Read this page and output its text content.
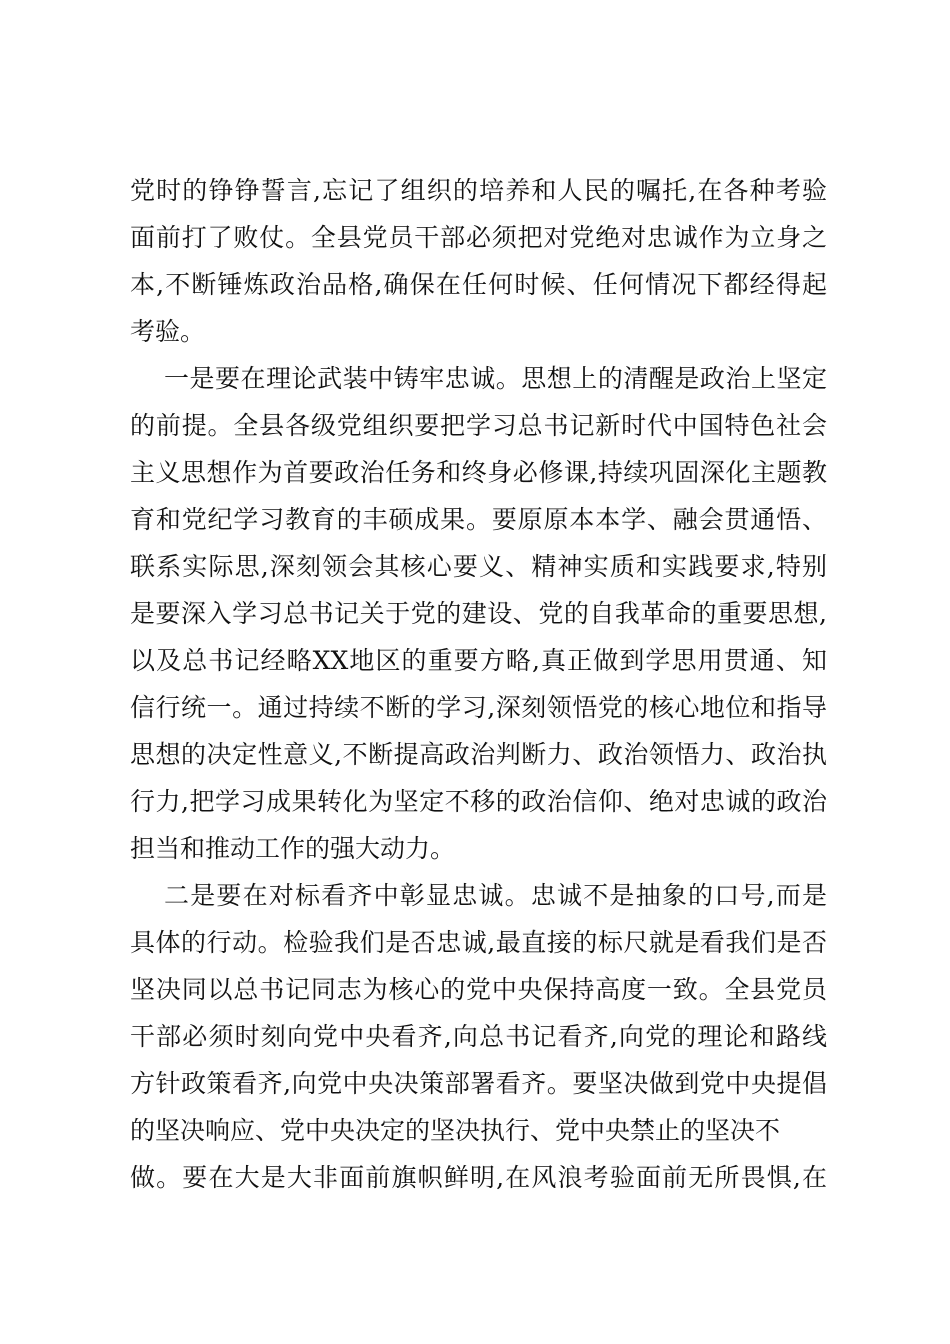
党时的铮铮誓言,忘记了组织的培养和人民的嘱托,在各种考验
面前打了败仗。全县党员干部必须把对党绝对忠诚作为立身之
本,不断锤炼政治品格,确保在任何时候、任何情况下都经得起
考验。
一是要在理论武装中铸牢忠诚。思想上的清醒是政治上坚定
的前提。全县各级党组织要把学习总书记新时代中国特色社会
主义思想作为首要政治任务和终身必修课,持续巩固深化主题教
育和党纪学习教育的丰硕成果。要原原本本学、融会贯通悟、
联系实际思,深刻领会其核心要义、精神实质和实践要求,特别
是要深入学习总书记关于党的建设、党的自我革命的重要思想,
以及总书记经略XX地区的重要方略,真正做到学思用贯通、知
信行统一。通过持续不断的学习,深刻领悟党的核心地位和指导
思想的决定性意义,不断提高政治判断力、政治领悟力、政治执
行力,把学习成果转化为坚定不移的政治信仰、绝对忠诚的政治
担当和推动工作的强大动力。
二是要在对标看齐中彰显忠诚。忠诚不是抽象的口号,而是
具体的行动。检验我们是否忠诚,最直接的标尺就是看我们是否
坚决同以总书记同志为核心的党中央保持高度一致。全县党员
干部必须时刻向党中央看齐,向总书记看齐,向党的理论和路线
方针政策看齐,向党中央决策部署看齐。要坚决做到党中央提倡
的坚决响应、党中央决定的坚决执行、党中央禁止的坚决不
做。要在大是大非面前旗帜鲜明,在风浪考验面前无所畏惧,在
